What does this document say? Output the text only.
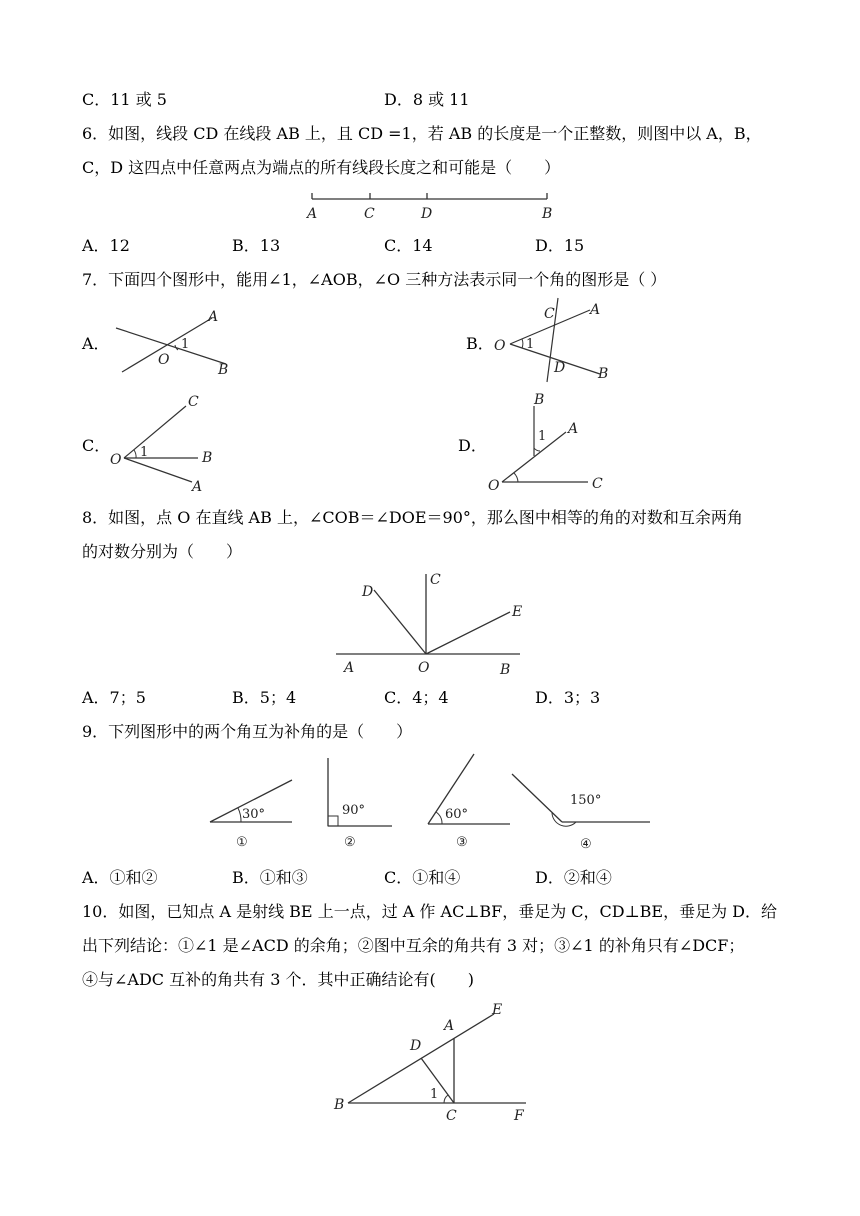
C．11 或 5	D．8 或 11
6．如图，线段 CD 在线段 AB 上，且 CD =1，若 AB 的长度是一个正整数，则图中以 A，B，
C，D 这四点中任意两点为端点的所有线段长度之和可能是（　　）
A	C	D	B
A．12	B．13	C．14	D．15
7．下面四个图形中，能用∠1，∠AOB，∠O 三种方法表示同一个角的图形是（ ）
A．
A
O
1
B
B． O 1
C	A
D B
C．
C
O 1	B
A
D．
B
1 A
O	C
8．如图，点 O 在直线 AB 上，∠COB＝∠DOE＝90°，那么图中相等的角的对数和互余两角
的对数分别为（　　）
D
C
E
A	O	B
A．7；5	B．5；4	C．4；4	D．3；3
9．下列图形中的两个角互为补角的是（　　）
30°
①
90°
②
60°
③
150°
④
A．①和②	B．①和③	C．①和④	D．②和④
10．如图，已知点 A 是射线 BE 上一点，过 A 作 AC⊥BF，垂足为 C，CD⊥BE，垂足为 D．给
出下列结论：①∠1 是∠ACD 的余角；②图中互余的角共有 3 对；③∠1 的补角只有∠DCF；
④与∠ADC 互补的角共有 3 个．其中正确结论有(　　)
A
E
D
1
B
C	F
